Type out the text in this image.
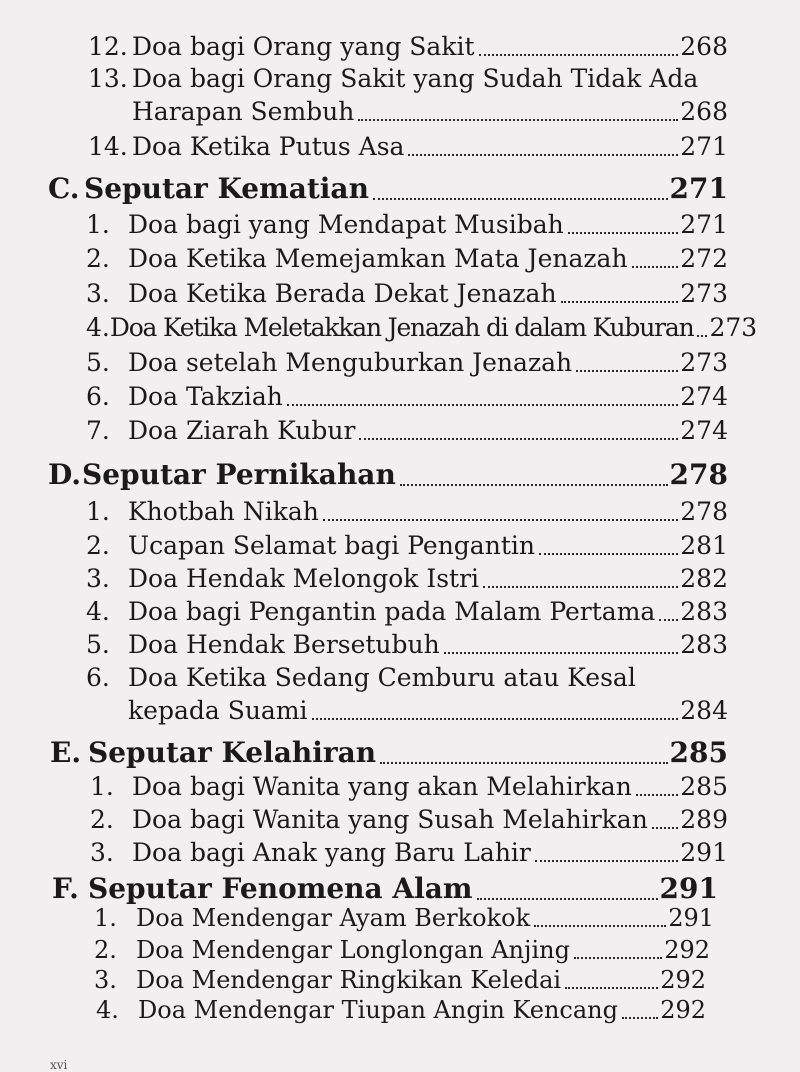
12. Doa bagi Orang yang Sakit	268
13. Doa bagi Orang Sakit yang Sudah Tidak Ada
Harapan Sembuh	268
14. Doa Ketika Putus Asa	271
C. Seputar Kematian	271
1. Doa bagi yang Mendapat Musibah	271
2. Doa Ketika Memejamkan Mata Jenazah 272
3. Doa Ketika Berada Dekat Jenazah	273
4. Doa Ketika Meletakkan Jenazah di dalam Kuburan 273
5. Doa setelah Menguburkan Jenazah	273
6. Doa Takziah	274
7. Doa Ziarah Kubur	274
D. Seputar Pernikahan	278
1. Khotbah Nikah	278
2. Ucapan Selamat bagi Pengantin	281
3. Doa Hendak Melongok Istri	282
4. Doa bagi Pengantin pada Malam Pertama 283
5. Doa Hendak Bersetubuh	283
6. Doa Ketika Sedang Cemburu atau Kesal
kepada Suami	284
E. Seputar Kelahiran	285
1. Doa bagi Wanita yang akan Melahirkan 285
2. Doa bagi Wanita yang Susah Melahirkan 289
3. Doa bagi Anak yang Baru Lahir	291
F. Seputar Fenomena Alam	291
1. Doa Mendengar Ayam Berkokok	291
2. Doa Mendengar Longlongan Anjing	292
3. Doa Mendengar Ringkikan Keledai	292
4. Doa Mendengar Tiupan Angin Kencang 292
xvi
